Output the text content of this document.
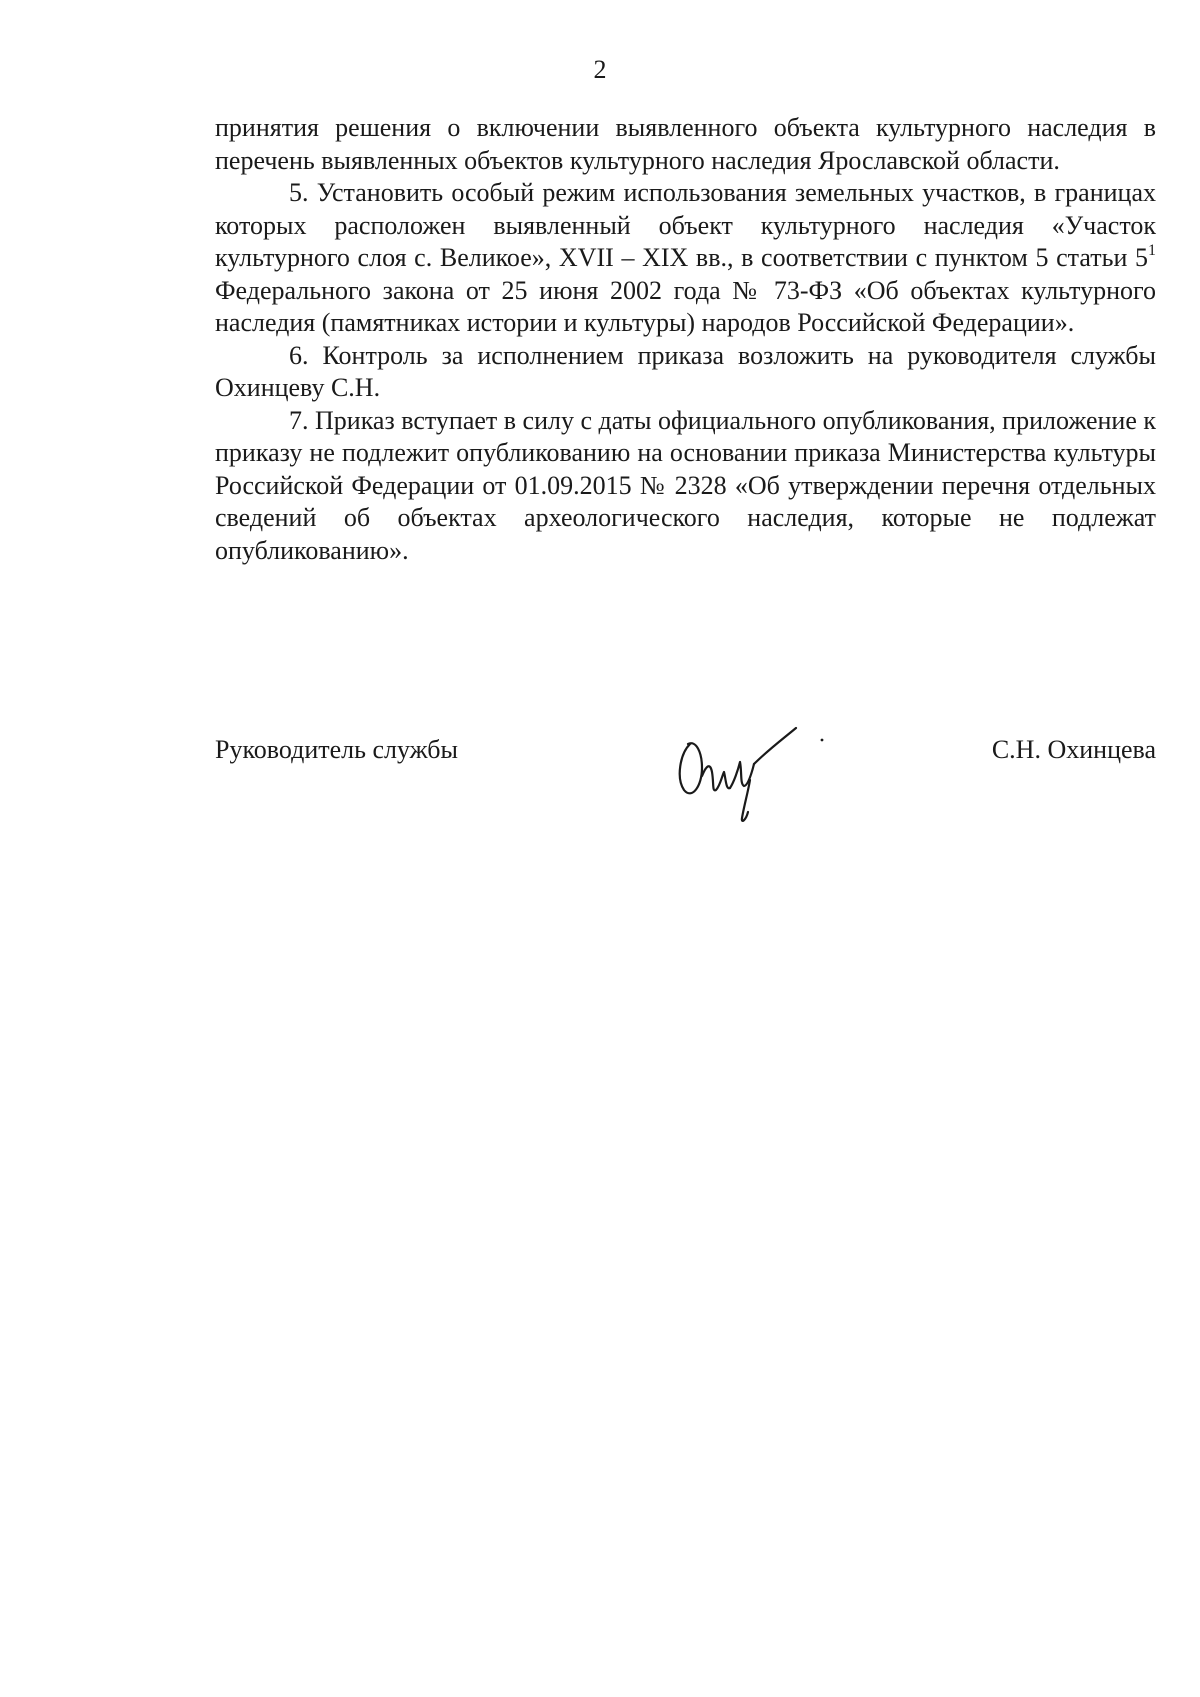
2

принятия решения о включении выявленного объекта культурного наследия в перечень выявленных объектов культурного наследия Ярославской области.

5. Установить особый режим использования земельных участков, в границах которых расположен выявленный объект культурного наследия «Участок культурного слоя с. Великое», XVII – XIX вв., в соответствии с пунктом 5 статьи $5^1$ Федерального закона от 25 июня 2002 года № 73-ФЗ «Об объектах культурного наследия (памятниках истории и культуры) народов Российской Федерации».

6. Контроль за исполнением приказа возложить на руководителя службы Охинцеву С.Н.

7. Приказ вступает в силу с даты официального опубликования, приложение к приказу не подлежит опубликованию на основании приказа Министерства культуры Российской Федерации от 01.09.2015 № 2328 «Об утверждении перечня отдельных сведений об объектах археологического наследия, которые не подлежат опубликованию».

Руководитель службы	С.Н. Охинцева
